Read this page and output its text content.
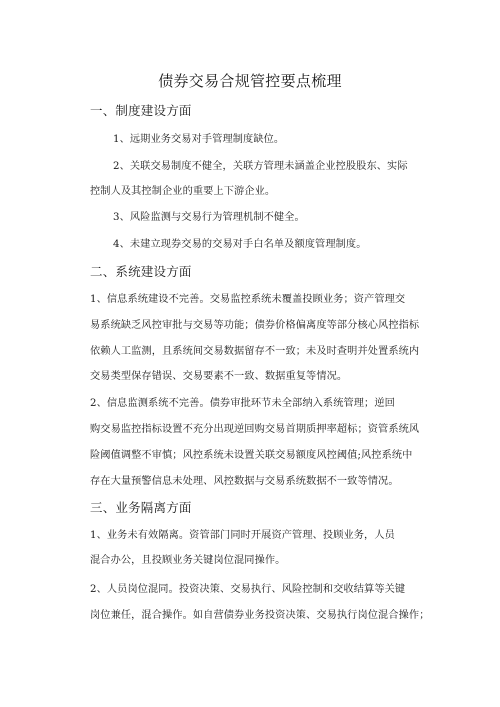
债券交易合规管控要点梳理
一、制度建设方面
1、远期业务交易对手管理制度缺位。
2、关联交易制度不健全，关联方管理未涵盖企业控股股东、实际
控制人及其控制企业的重要上下游企业。
3、风险监测与交易行为管理机制不健全。
4、未建立现券交易的交易对手白名单及额度管理制度。
二、系统建设方面
1、信息系统建设不完善。交易监控系统未覆盖投顾业务；资产管理交
易系统缺乏风控审批与交易等功能；债券价格偏离度等部分核心风控指标
依赖人工监测，且系统间交易数据留存不一致；未及时查明并处置系统内
交易类型保存错误、交易要素不一致、数据重复等情况。
2、信息监测系统不完善。债券审批环节未全部纳入系统管理；逆回
购交易监控指标设置不充分出现逆回购交易首期质押率超标；资管系统风
险阈值调整不审慎；风控系统未设置关联交易额度风控阈值;风控系统中
存在大量预警信息未处理、风控数据与交易系统数据不一致等情况。
三、业务隔离方面
1、业务未有效隔离。资管部门同时开展资产管理、投顾业务，人员
混合办公，且投顾业务关键岗位混同操作。
2、人员岗位混同。投资决策、交易执行、风险控制和交收结算等关键
岗位兼任，混合操作。如自营债券业务投资决策、交易执行岗位混合操作；
